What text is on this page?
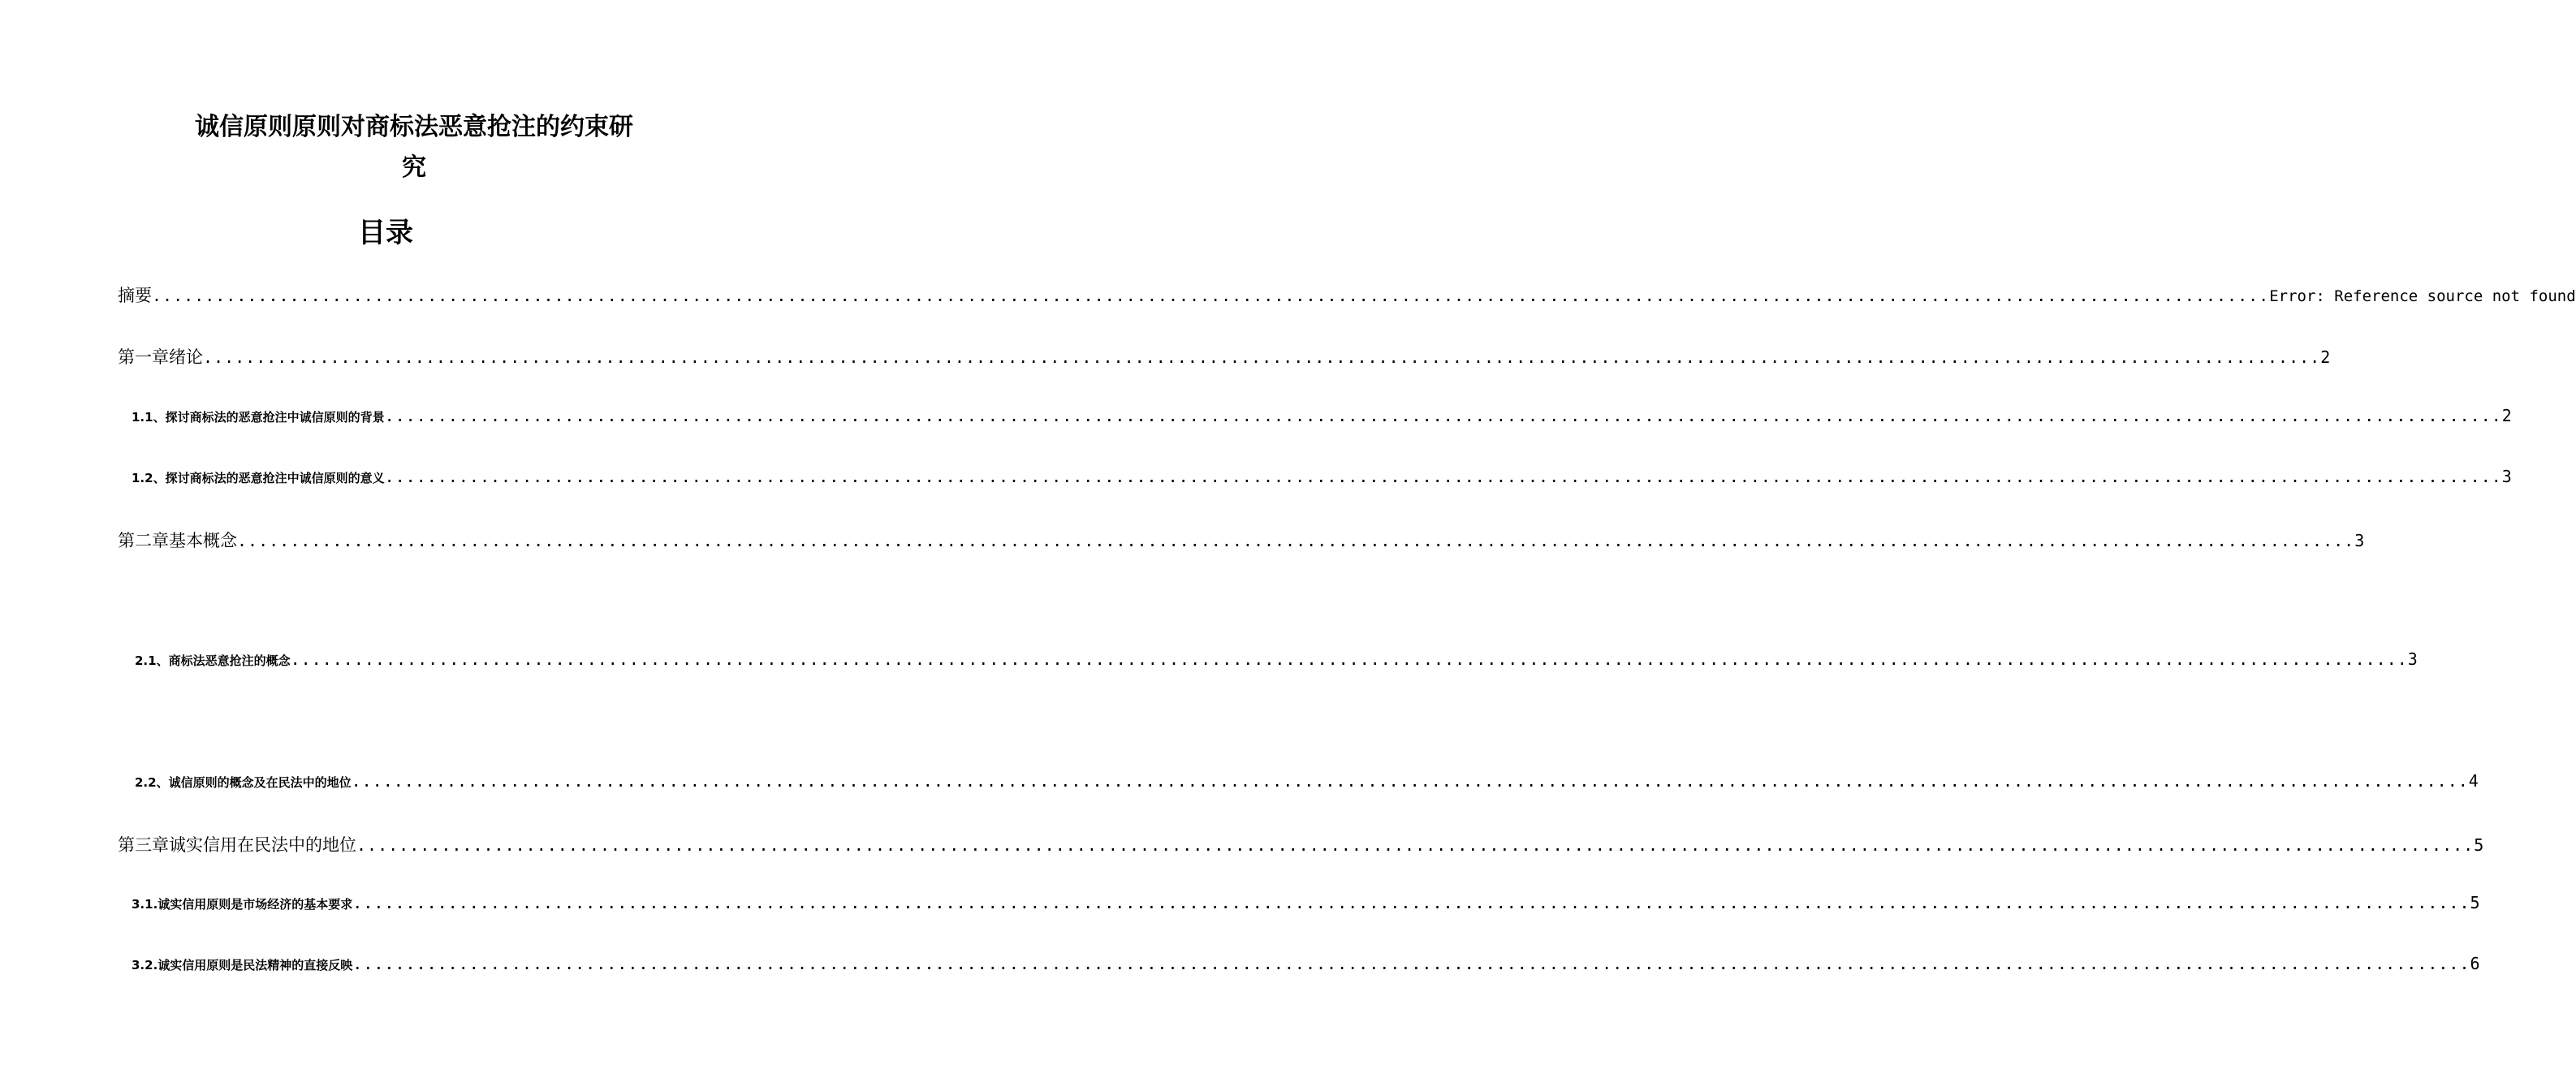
诚信原则原则对商标法恶意抢注的约束研
究
目录
摘要 ........................................................................................................................................................................................................ Error: Reference source not found
第一章绪论 ........................................................................................................................................................................................................ 2
1.1、探讨商标法的恶意抢注中诚信原则的背景 ........................................................................................................................................................................................................ 2
1.2、探讨商标法的恶意抢注中诚信原则的意义 ........................................................................................................................................................................................................ 3
第二章基本概念 ........................................................................................................................................................................................................ 3
2.1、商标法恶意抢注的概念 ........................................................................................................................................................................................................ 3
2.2、诚信原则的概念及在民法中的地位 ........................................................................................................................................................................................................ 4
第三章诚实信用在民法中的地位 ........................................................................................................................................................................................................ 5
3.1.诚实信用原则是市场经济的基本要求 ........................................................................................................................................................................................................ 5
3.2.诚实信用原则是民法精神的直接反映 ........................................................................................................................................................................................................ 6
